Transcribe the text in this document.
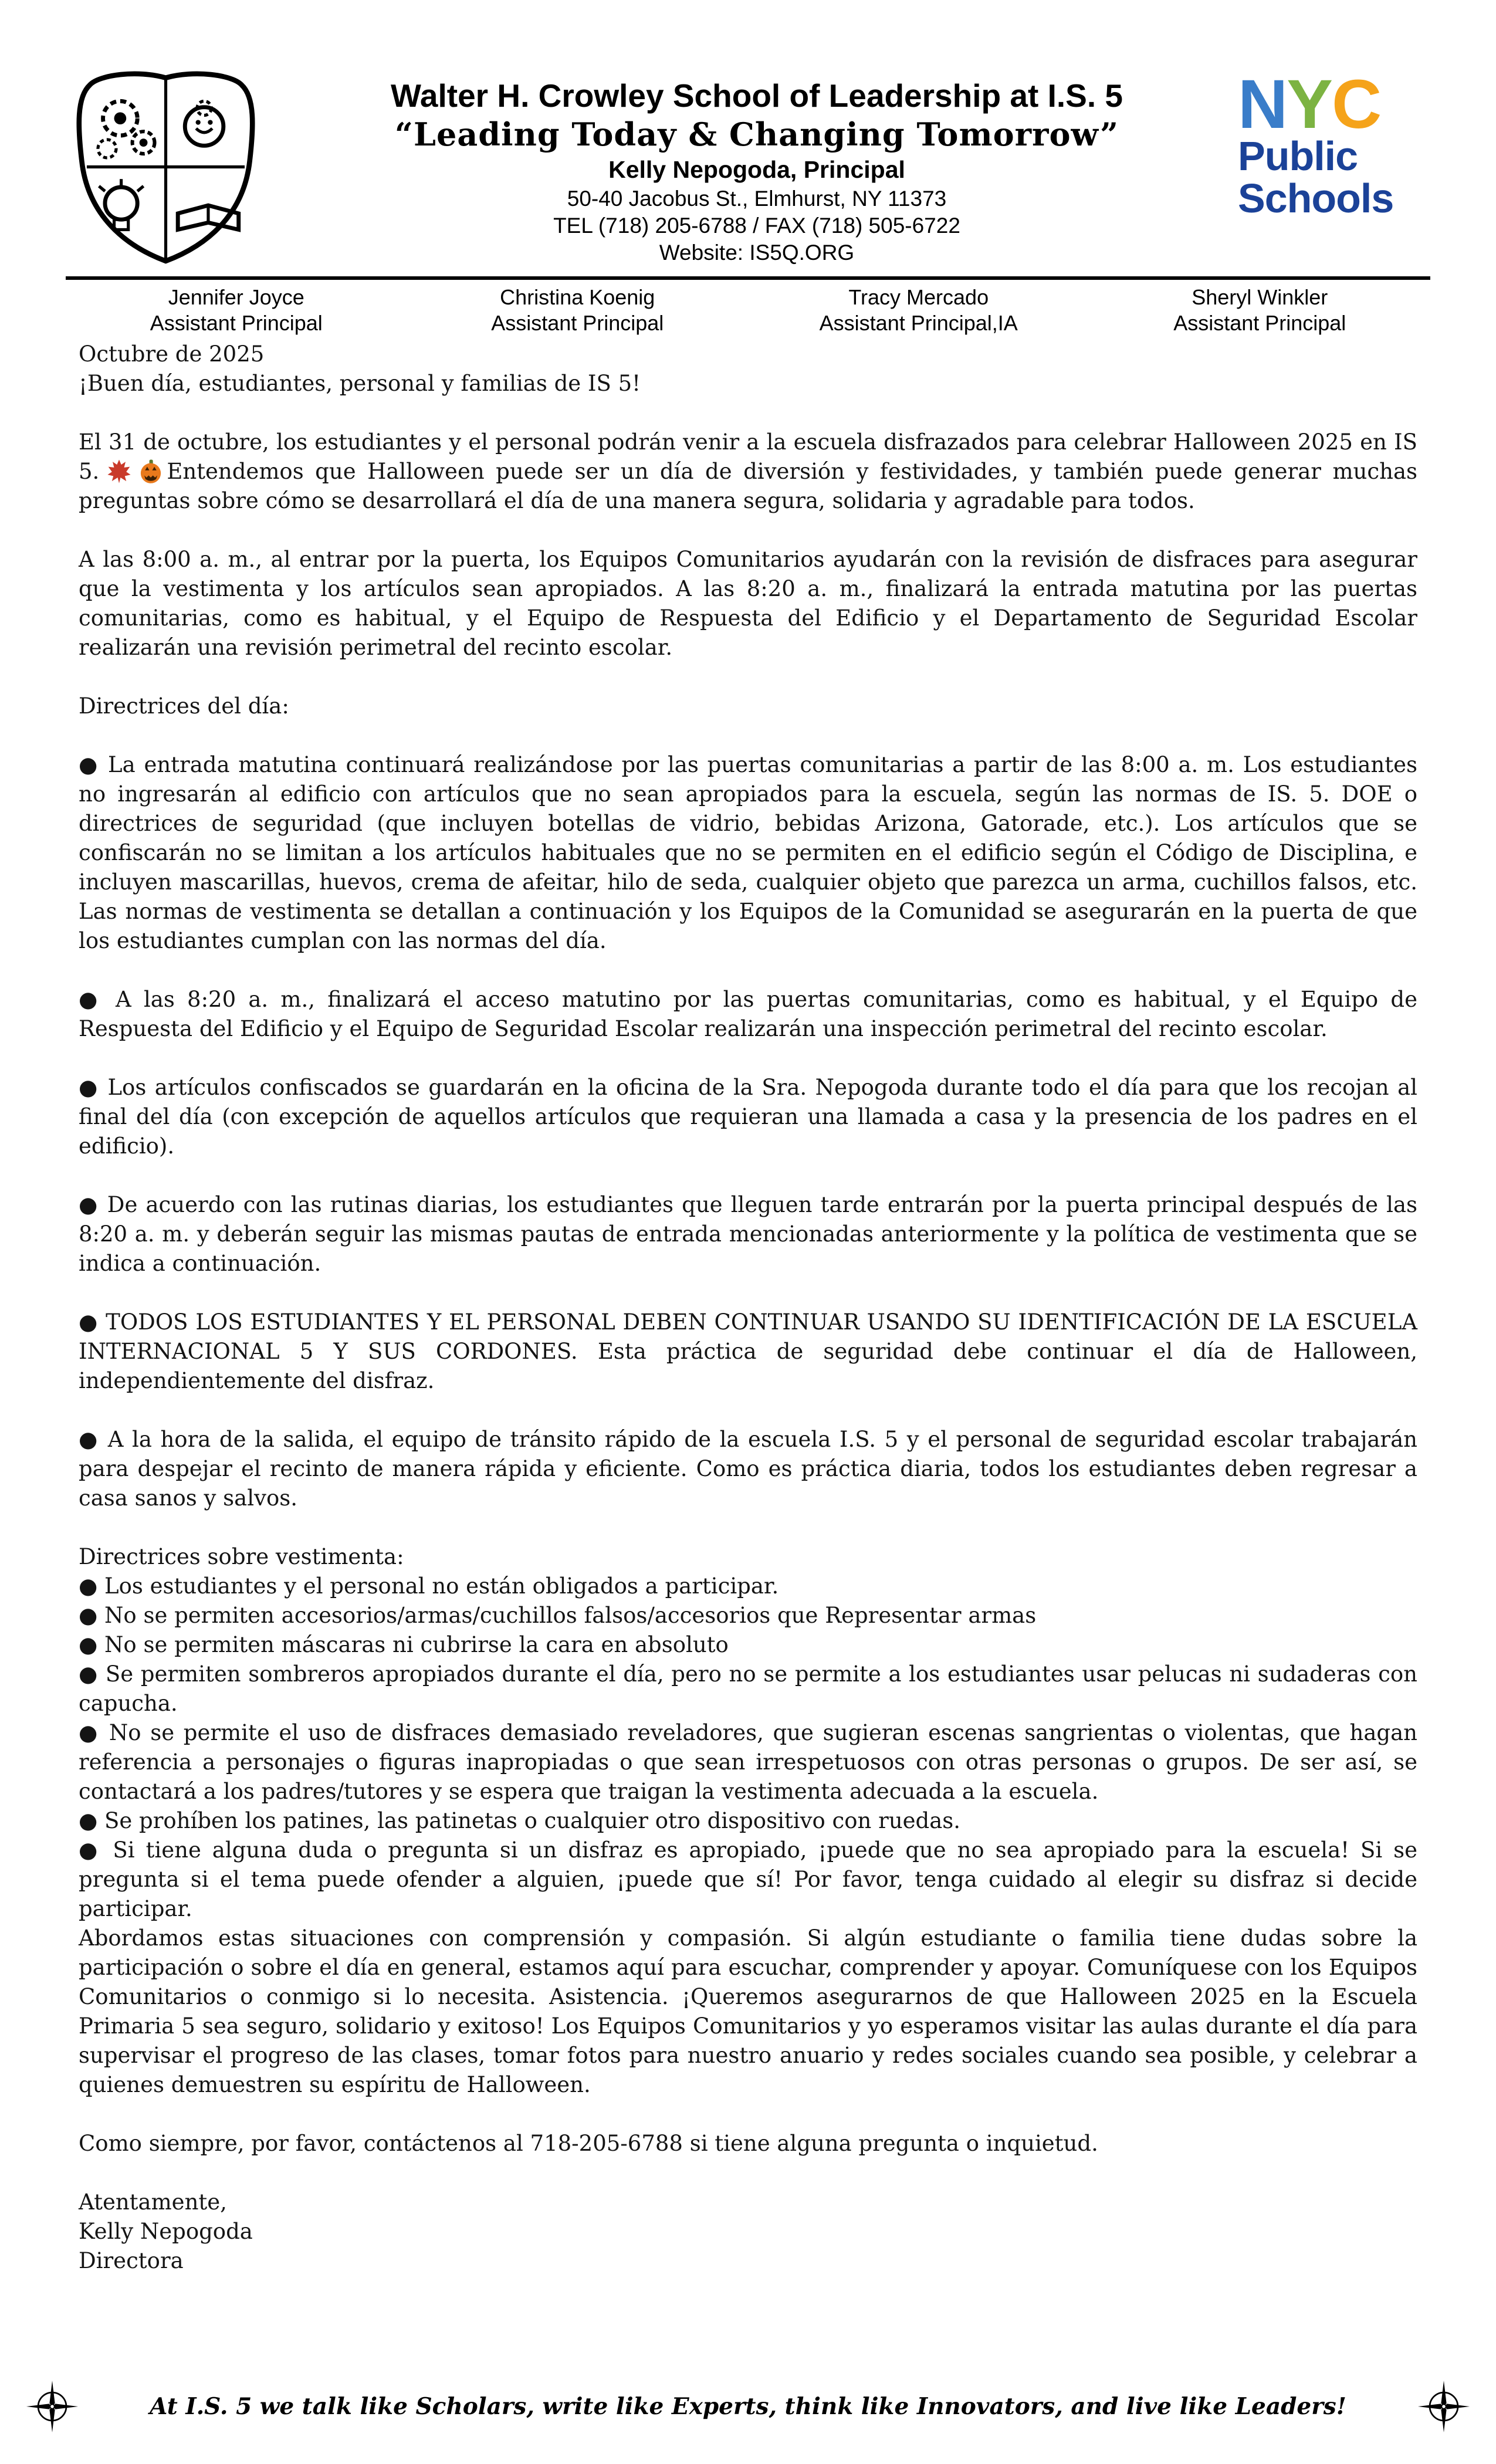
Walter H. Crowley School of Leadership at I.S. 5
“Leading Today & Changing Tomorrow”
Kelly Nepogoda, Principal
50-40 Jacobus St., Elmhurst, NY 11373
TEL (718) 205-6788 / FAX (718) 505-6722
Website: IS5Q.ORG
NYC
Public
Schools
Jennifer Joyce
Assistant Principal
Christina Koenig
Assistant Principal
Tracy Mercado
Assistant Principal,IA
Sheryl Winkler
Assistant Principal

Octubre de 2025

¡Buen día, estudiantes, personal y familias de IS 5!

El 31 de octubre, los estudiantes y el personal podrán venir a la escuela disfrazados para celebrar Halloween 2025 en IS 5.	Entendemos que Halloween puede ser un día de diversión y festividades, y también puede generar muchas preguntas sobre cómo se desarrollará el día de una manera segura, solidaria y agradable para todos.

A las 8:00 a. m., al entrar por la puerta, los Equipos Comunitarios ayudarán con la revisión de disfraces para asegurar que la vestimenta y los artículos sean apropiados. A las 8:20 a. m., finalizará la entrada matutina por las puertas comunitarias, como es habitual, y el Equipo de Respuesta del Edificio y el Departamento de Seguridad Escolar realizarán una revisión perimetral del recinto escolar.

Directrices del día:

● La entrada matutina continuará realizándose por las puertas comunitarias a partir de las 8:00 a. m. Los estudiantes no ingresarán al edificio con artículos que no sean apropiados para la escuela, según las normas de IS. 5. DOE o directrices de seguridad (que incluyen botellas de vidrio, bebidas Arizona, Gatorade, etc.). Los artículos que se confiscarán no se limitan a los artículos habituales que no se permiten en el edificio según el Código de Disciplina, e incluyen mascarillas, huevos, crema de afeitar, hilo de seda, cualquier objeto que parezca un arma, cuchillos falsos, etc. Las normas de vestimenta se detallan a continuación y los Equipos de la Comunidad se asegurarán en la puerta de que los estudiantes cumplan con las normas del día.

● A las 8:20 a. m., finalizará el acceso matutino por las puertas comunitarias, como es habitual, y el Equipo de Respuesta del Edificio y el Equipo de Seguridad Escolar realizarán una inspección perimetral del recinto escolar.

● Los artículos confiscados se guardarán en la oficina de la Sra. Nepogoda durante todo el día para que los recojan al final del día (con excepción de aquellos artículos que requieran una llamada a casa y la presencia de los padres en el edificio).

● De acuerdo con las rutinas diarias, los estudiantes que lleguen tarde entrarán por la puerta principal después de las 8:20 a. m. y deberán seguir las mismas pautas de entrada mencionadas anteriormente y la política de vestimenta que se indica a continuación.

● TODOS LOS ESTUDIANTES Y EL PERSONAL DEBEN CONTINUAR USANDO SU IDENTIFICACIÓN DE LA ESCUELA INTERNACIONAL 5 Y SUS CORDONES. Esta práctica de seguridad debe continuar el día de Halloween, independientemente del disfraz.

● A la hora de la salida, el equipo de tránsito rápido de la escuela I.S. 5 y el personal de seguridad escolar trabajarán para despejar el recinto de manera rápida y eficiente. Como es práctica diaria, todos los estudiantes deben regresar a casa sanos y salvos.

Directrices sobre vestimenta:

● Los estudiantes y el personal no están obligados a participar.

● No se permiten accesorios/armas/cuchillos falsos/accesorios que Representar armas

● No se permiten máscaras ni cubrirse la cara en absoluto

● Se permiten sombreros apropiados durante el día, pero no se permite a los estudiantes usar pelucas ni sudaderas con capucha.

● No se permite el uso de disfraces demasiado reveladores, que sugieran escenas sangrientas o violentas, que hagan referencia a personajes o figuras inapropiadas o que sean irrespetuosos con otras personas o grupos. De ser así, se contactará a los padres/tutores y se espera que traigan la vestimenta adecuada a la escuela.

● Se prohíben los patines, las patinetas o cualquier otro dispositivo con ruedas.

● Si tiene alguna duda o pregunta si un disfraz es apropiado, ¡puede que no sea apropiado para la escuela! Si se pregunta si el tema puede ofender a alguien, ¡puede que sí! Por favor, tenga cuidado al elegir su disfraz si decide participar.

Abordamos estas situaciones con comprensión y compasión. Si algún estudiante o familia tiene dudas sobre la participación o sobre el día en general, estamos aquí para escuchar, comprender y apoyar. Comuníquese con los Equipos Comunitarios o conmigo si lo necesita. Asistencia. ¡Queremos asegurarnos de que Halloween 2025 en la Escuela Primaria 5 sea seguro, solidario y exitoso! Los Equipos Comunitarios y yo esperamos visitar las aulas durante el día para supervisar el progreso de las clases, tomar fotos para nuestro anuario y redes sociales cuando sea posible, y celebrar a quienes demuestren su espíritu de Halloween.

Como siempre, por favor, contáctenos al 718-205-6788 si tiene alguna pregunta o inquietud.

Atentamente,

Kelly Nepogoda

Directora

At I.S. 5 we talk like Scholars, write like Experts, think like Innovators, and live like Leaders!
